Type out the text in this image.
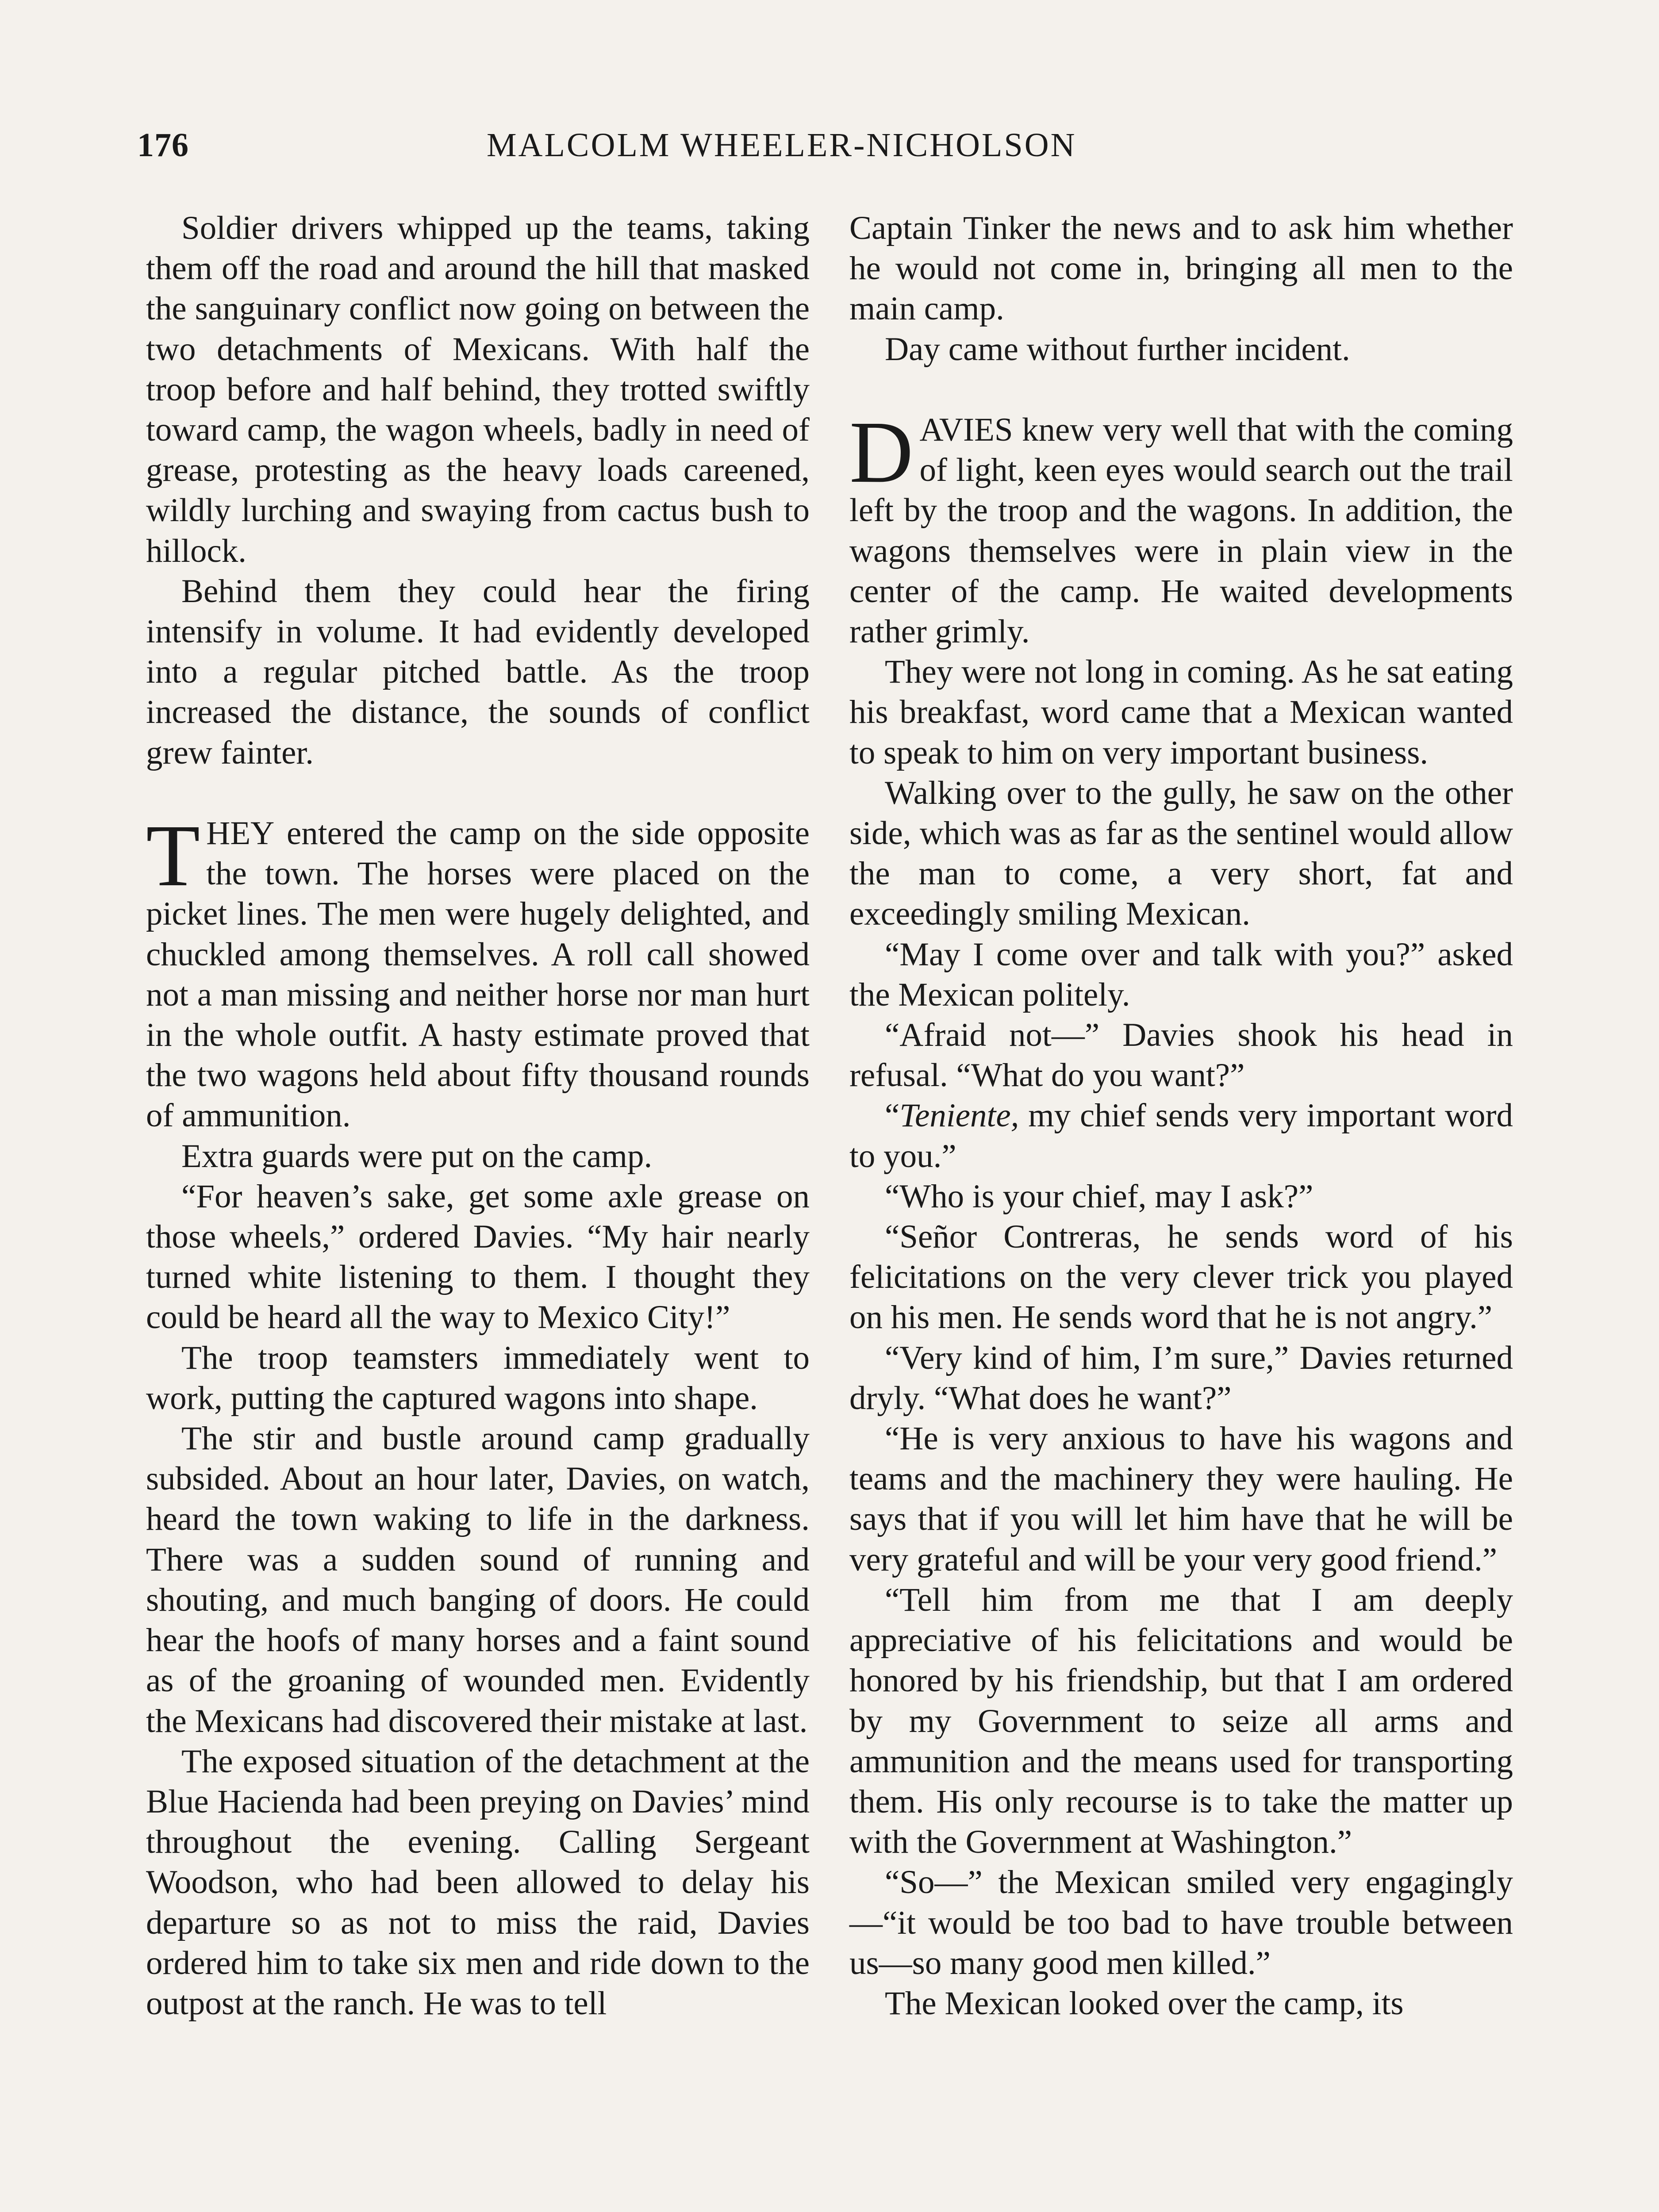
176	MALCOLM WHEELER-NICHOLSON

Soldier drivers whipped up the teams, taking them off the road and around the hill that masked the sanguinary conflict now going on between the two detachments of Mexicans. With half the troop before and half behind, they trotted swiftly toward camp, the wagon wheels, badly in need of grease, protesting as the heavy loads careened, wildly lurching and swaying from cactus bush to hillock.

Behind them they could hear the firing intensify in volume. It had evidently developed into a regular pitched battle. As the troop increased the distance, the sounds of conflict grew fainter.

THEY entered the camp on the side opposite the town. The horses were placed on the picket lines. The men were hugely delighted, and chuckled among themselves. A roll call showed not a man missing and neither horse nor man hurt in the whole outfit. A hasty estimate proved that the two wagons held about fifty thousand rounds of ammunition.

Extra guards were put on the camp.

“For heaven’s sake, get some axle grease on those wheels,” ordered Davies. “My hair nearly turned white listening to them. I thought they could be heard all the way to Mexico City!”

The troop teamsters immediately went to work, putting the captured wagons into shape.

The stir and bustle around camp gradually subsided. About an hour later, Davies, on watch, heard the town waking to life in the darkness. There was a sudden sound of running and shouting, and much banging of doors. He could hear the hoofs of many horses and a faint sound as of the groaning of wounded men. Evidently the Mexicans had discovered their mistake at last.

The exposed situation of the detachment at the Blue Hacienda had been preying on Davies’ mind throughout the evening. Calling Sergeant Woodson, who had been allowed to delay his departure so as not to miss the raid, Davies ordered him to take six men and ride down to the outpost at the ranch. He was to tell

Captain Tinker the news and to ask him whether he would not come in, bringing all men to the main camp.

Day came without further incident.

DAVIES knew very well that with the coming of light, keen eyes would search out the trail left by the troop and the wagons. In addition, the wagons themselves were in plain view in the center of the camp. He waited developments rather grimly.

They were not long in coming. As he sat eating his breakfast, word came that a Mexican wanted to speak to him on very important business.

Walking over to the gully, he saw on the other side, which was as far as the sentinel would allow the man to come, a very short, fat and exceedingly smiling Mexican.

“May I come over and talk with you?” asked the Mexican politely.

“Afraid not—” Davies shook his head in refusal. “What do you want?”

“Teniente, my chief sends very important word to you.”

“Who is your chief, may I ask?”

“Señor Contreras, he sends word of his felicitations on the very clever trick you played on his men. He sends word that he is not angry.”

“Very kind of him, I’m sure,” Davies returned dryly. “What does he want?”

“He is very anxious to have his wagons and teams and the machinery they were hauling. He says that if you will let him have that he will be very grateful and will be your very good friend.”

“Tell him from me that I am deeply appreciative of his felicitations and would be honored by his friendship, but that I am ordered by my Government to seize all arms and ammunition and the means used for transporting them. His only recourse is to take the matter up with the Government at Washington.”

“So—” the Mexican smiled very engagingly—“it would be too bad to have trouble between us—so many good men killed.”

The Mexican looked over the camp, its
